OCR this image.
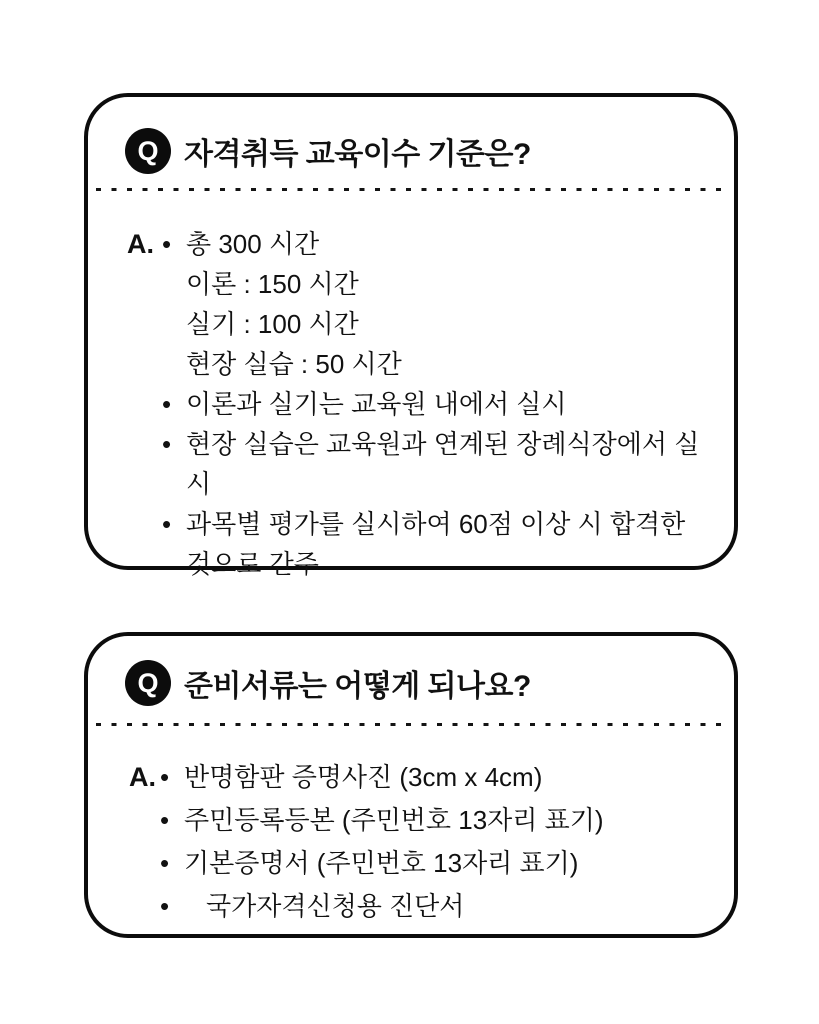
Q 자격취득 교육이수 기준은?
A. • 총 300 시간
이론 : 150 시간
실기 : 100 시간
현장 실습 : 50 시간
• 이론과 실기는 교육원 내에서 실시
• 현장 실습은 교육원과 연계된 장례식장에서 실시
• 과목별 평가를 실시하여 60점 이상 시 합격한 것으로 간주
Q 준비서류는 어떻게 되나요?
A. • 반명함판 증명사진 (3cm x 4cm)
• 주민등록등본 (주민번호 13자리 표기)
• 기본증명서 (주민번호 13자리 표기)
• 국가자격신청용 진단서
